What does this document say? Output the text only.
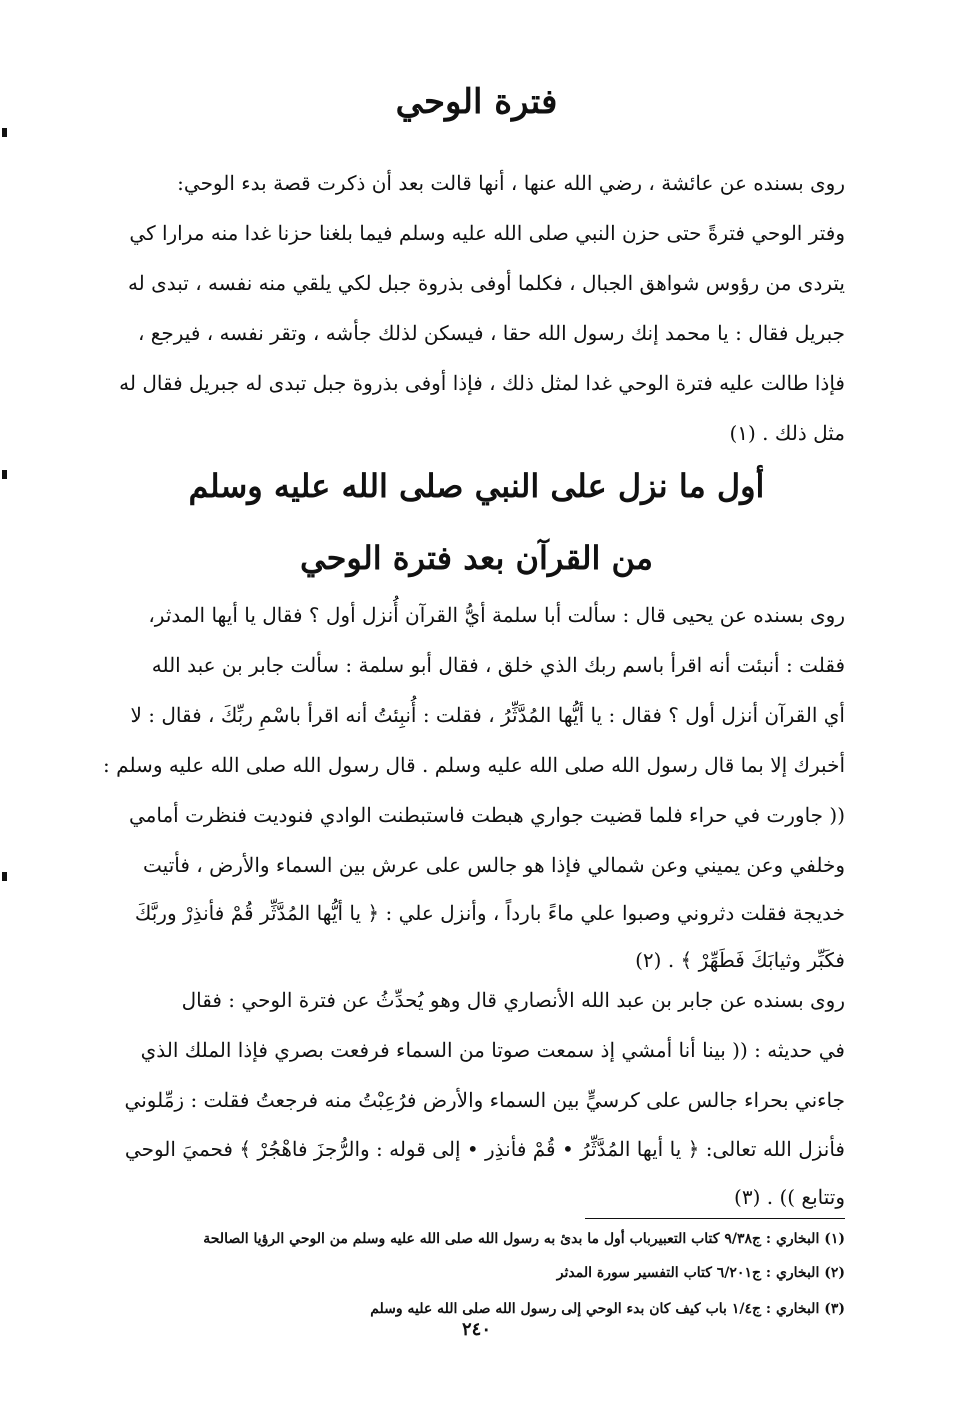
فترة الوحي
روى بسنده عن عائشة ، رضي الله عنها ، أنها قالت بعد أن ذكرت قصة بدء الوحي:
وفتر الوحي فترةً حتى حزن النبي صلى الله عليه وسلم فيما بلغنا حزنا غدا منه مرارا كي
يتردى من رؤوس شواهق الجبال ، فكلما أوفى بذروة جبل لكي يلقي منه نفسه ، تبدى له
جبريل فقال : يا محمد إنك رسول الله حقا ، فيسكن لذلك جأشه ، وتقر نفسه ، فيرجع ،
فإذا طالت عليه فترة الوحي غدا لمثل ذلك ، فإذا أوفى بذروة جبل تبدى له جبريل فقال له
مثل ذلك . (١)
أول ما نزل على النبي صلى الله عليه وسلم
من القرآن بعد فترة الوحي
روى بسنده عن يحيى قال : سألت أبا سلمة أيُّ القرآن أُنزل أول ؟ فقال يا أيها المدثر،
فقلت : أنبئت أنه اقرأ باسم ربك الذي خلق ، فقال أبو سلمة : سألت جابر بن عبد الله
أي القرآن أنزل أول ؟ فقال : يا أيُّها المُدَّثِّرُ ، فقلت : أُنبِئتُ أنه اقرأ باسْمِ ربِّكَ ، فقال : لا
أخبرك إلا بما قال رسول الله صلى الله عليه وسلم . قال رسول الله صلى الله عليه وسلم :
(( جاورت في حراء فلما قضيت جواري هبطت فاستبطنت الوادي فنوديت فنظرت أمامي
وخلفي وعن يميني وعن شمالي فإذا هو جالس على عرش بين السماء والأرض ، فأتيت
خديجة فقلت دثروني وصبوا علي ماءً بارداً ، وأنزل علي : ﴿ يا أيُّها المُدَّثِّر قُمْ فأنذِرْ وربَّكَ
فكَبِّر وثيابَكَ فَطَهِّرْ ﴾ . (٢)
روى بسنده عن جابر بن عبد الله الأنصاري قال وهو يُحدِّثُ عن فترة الوحي : فقال
في حديثه : (( بينا أنا أمشي إذ سمعت صوتا من السماء فرفعت بصري فإذا الملك الذي
جاءني بحراء جالس على كرسيٍّ بين السماء والأرض فرُعِبْتُ منه فرجعتُ فقلت : زمِّلوني
فأنزل الله تعالى: ﴿ يا أيها المُدَّثِّرُ • قُمْ فأنذِر • إلى قوله : والرُّجزَ فاهْجُرْ ﴾ فحميَ الوحي
وتتابع )) . (٣)
(١) البخاري : ج٩/٣٨ كتاب التعبيرباب أول ما بدئ به رسول الله صلى الله عليه وسلم من الوحي الرؤيا الصالحة
(٢) البخاري : ج٦/٢٠١ كتاب التفسير سورة المدثر
(٣) البخاري : ج١/٤ باب كيف كان بدء الوحي إلى رسول الله صلى الله عليه وسلم
٢٤٠
